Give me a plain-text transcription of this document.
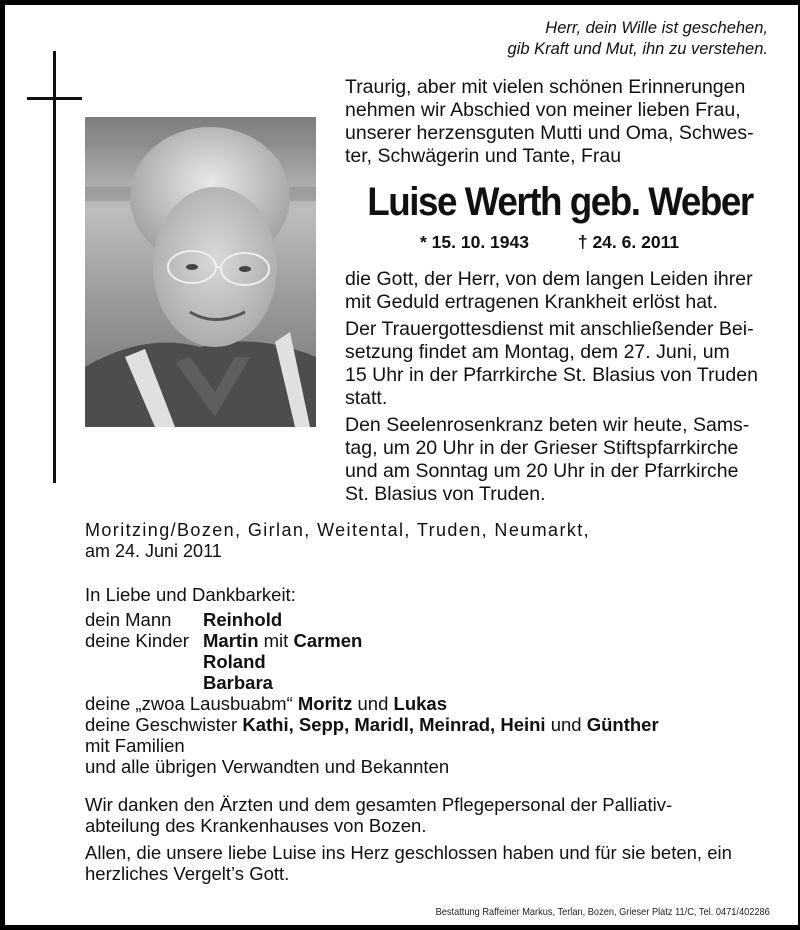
Herr, dein Wille ist geschehen,
gib Kraft und Mut, ihn zu verstehen.
Traurig, aber mit vielen schönen Erinnerungen
nehmen wir Abschied von meiner lieben Frau,
unserer herzensguten Mutti und Oma, Schwes-
ter, Schwägerin und Tante, Frau
Luise Werth geb. Weber
* 15. 10. 1943	† 24. 6. 2011
die Gott, der Herr, von dem langen Leiden ihrer
mit Geduld ertragenen Krankheit erlöst hat.
Der Trauergottesdienst mit anschließender Bei-
setzung findet am Montag, dem 27. Juni, um
15 Uhr in der Pfarrkirche St. Blasius von Truden
statt.
Den Seelenrosenkranz beten wir heute, Sams-
tag, um 20 Uhr in der Grieser Stiftspfarrkirche
und am Sonntag um 20 Uhr in der Pfarrkirche
St. Blasius von Truden.
Moritzing/Bozen, Girlan, Weitental, Truden, Neumarkt,
am 24. Juni 2011
In Liebe und Dankbarkeit:
dein Mann Reinhold
deine Kinder Martin mit Carmen
Roland
Barbara
deine „zwoa Lausbuabm“ Moritz und Lukas
deine Geschwister Kathi, Sepp, Maridl, Meinrad, Heini und Günther
mit Familien
und alle übrigen Verwandten und Bekannten

Wir danken den Ärzten und dem gesamten Pflegepersonal der Palliativ-
abteilung des Krankenhauses von Bozen.

Allen, die unsere liebe Luise ins Herz geschlossen haben und für sie beten, ein
herzliches Vergelt’s Gott.

Bestattung Raffeiner Markus, Terlan, Bozen, Grieser Platz 11/C, Tel. 0471/402286
